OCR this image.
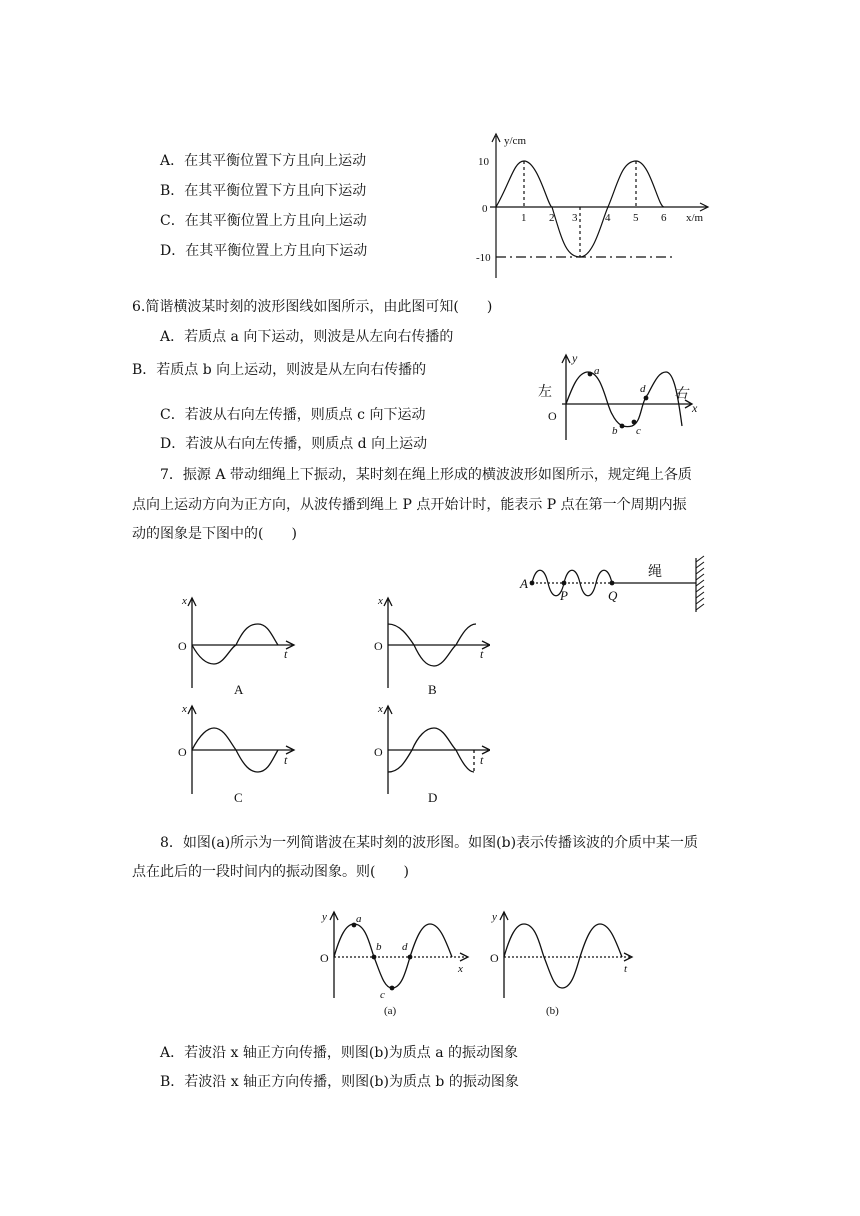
A．在其平衡位置下方且向上运动
B．在其平衡位置下方且向下运动
C．在其平衡位置上方且向上运动
D．在其平衡位置上方且向下运动
y/cm
x/m
0
10
-10
1 2 3	4 5 6
6.简谐横波某时刻的波形图线如图所示，由此图可知(　　)
A．若质点 a 向下运动，则波是从左向右传播的
B．若质点 b 向上运动，则波是从左向右传播的
C．若波从右向左传播，则质点 c 向下运动
D．若波从右向左传播，则质点 d 向上运动
左	右
y
x
O
a
b c
d
7．振源 A 带动细绳上下振动，某时刻在绳上形成的横波波形如图所示，规定绳上各质
点向上运动方向为正方向，从波传播到绳上 P 点开始计时，能表示 P 点在第一个周期内振
动的图象是下图中的(　　)
A
P	Q
绳
x
O
t
A
x
O
t
B
x
O
t
C
x
O
t
D
8．如图(a)所示为一列简谐波在某时刻的波形图。如图(b)表示传播该波的介质中某一质
点在此后的一段时间内的振动图象。则(　　)
y
O
x
a
b
c
d
(a)
y
O
t
(b)
A．若波沿 x 轴正方向传播，则图(b)为质点 a 的振动图象
B．若波沿 x 轴正方向传播，则图(b)为质点 b 的振动图象
